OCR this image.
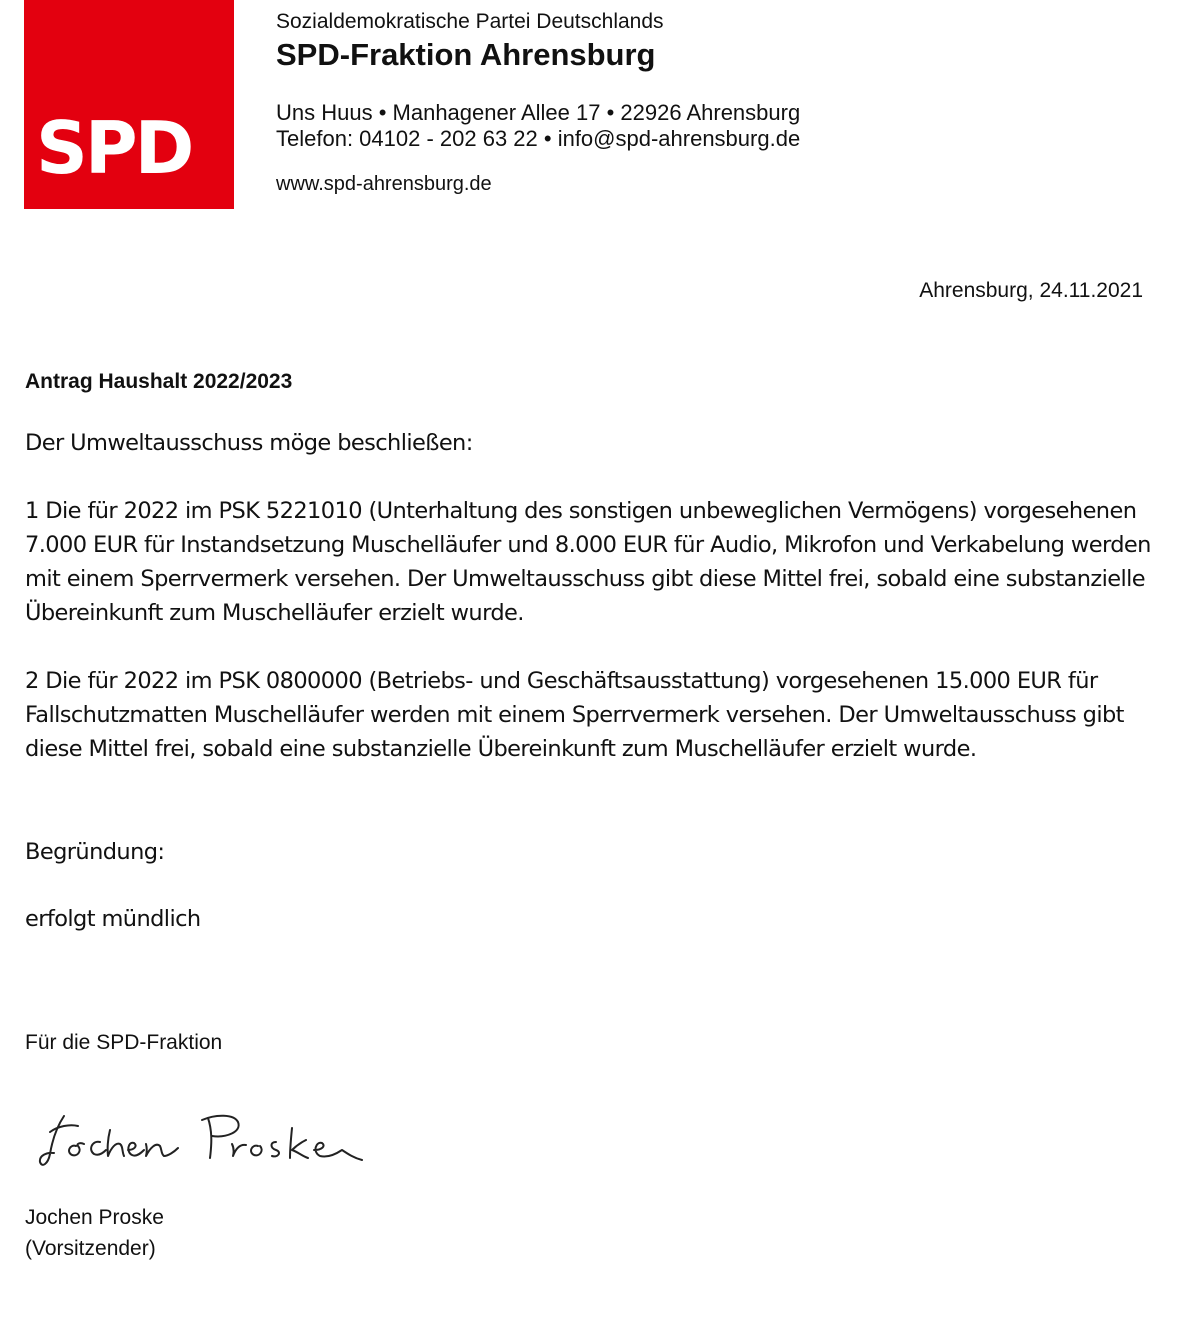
SPD
Sozialdemokratische Partei Deutschlands
SPD-Fraktion Ahrensburg
Uns Huus • Manhagener Allee 17 • 22926 Ahrensburg
Telefon: 04102 - 202 63 22 • info@spd-ahrensburg.de
www.spd-ahrensburg.de
Ahrensburg, 24.11.2021
Antrag Haushalt 2022/2023

Der Umweltausschuss möge beschließen:

1 Die für 2022 im PSK 5221010 (Unterhaltung des sonstigen unbeweglichen Vermögens) vorgesehenen 7.000 EUR für Instandsetzung Muschelläufer und 8.000 EUR für Audio, Mikrofon und Verkabelung werden mit einem Sperrvermerk versehen. Der Umweltausschuss gibt diese Mittel frei, sobald eine substanzielle Übereinkunft zum Muschelläufer erzielt wurde.

2 Die für 2022 im PSK 0800000 (Betriebs- und Geschäftsausstattung) vorgesehenen 15.000 EUR für Fallschutzmatten Muschelläufer werden mit einem Sperrvermerk versehen. Der Umweltausschuss gibt diese Mittel frei, sobald eine substanzielle Übereinkunft zum Muschelläufer erzielt wurde.

Begründung:

erfolgt mündlich

Für die SPD-Fraktion
Jochen Proske
(Vorsitzender)
